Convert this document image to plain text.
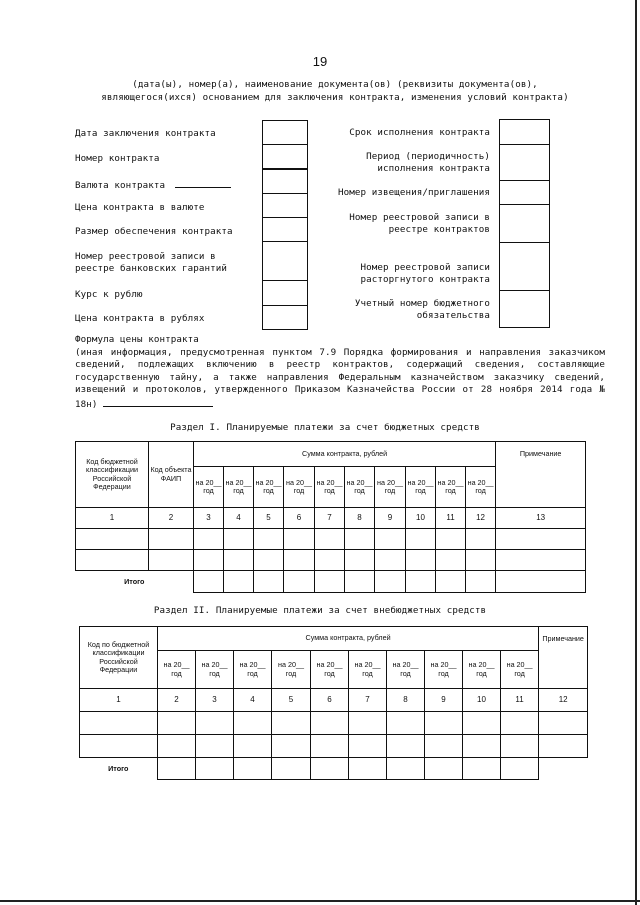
19
(дата(ы), номер(а), наименование документа(ов) (реквизиты документа(ов), являющегося(ихся) основанием для заключения контракта, изменения условий контракта)
Дата заключения контракта
Номер контракта
Валюта контракта
Цена контракта в валюте
Размер обеспечения контракта
Номер реестровой записи в реестре банковских гарантий
Курс к рублю
Цена контракта в рублях
Срок исполнения контракта
Период (периодичность) исполнения контракта
Номер извещения/приглашения
Номер реестровой записи в реестре контрактов
Номер реестровой записи расторгнутого контракта
Учетный номер бюджетного обязательства
Формула цены контракта
(иная информация, предусмотренная пунктом 7.9 Порядка формирования и направления заказчиком сведений, подлежащих включению в реестр контрактов, содержащий сведения, составляющие государственную тайну, а также направления Федеральным казначейством заказчику сведений, извещений и протоколов, утвержденного Приказом Казначейства России от 28 ноября 2014 года № 18н)
Раздел I. Планируемые платежи за счет бюджетных средств
Код бюджетной классификации Российской Федерации	Код объекта ФАИП	Сумма контракта, рублей										Примечание
		на 20__ год	на 20__ год	на 20__ год	на 20__ год	на 20__ год	на 20__ год	на 20__ год	на 20__ год	на 20__ год	на 20__ год	
1	2	3	4	5	6	7	8	9	10	11	12	13

Итого												
Раздел II. Планируемые платежи за счет внебюджетных средств
Код по бюджетной классификации Российской Федерации	Сумма контракта, рублей										Примечание
	на 20__ год	на 20__ год	на 20__ год	на 20__ год	на 20__ год	на 20__ год	на 20__ год	на 20__ год	на 20__ год	на 20__ год	
1	2	3	4	5	6	7	8	9	10	11	12

Итого											
